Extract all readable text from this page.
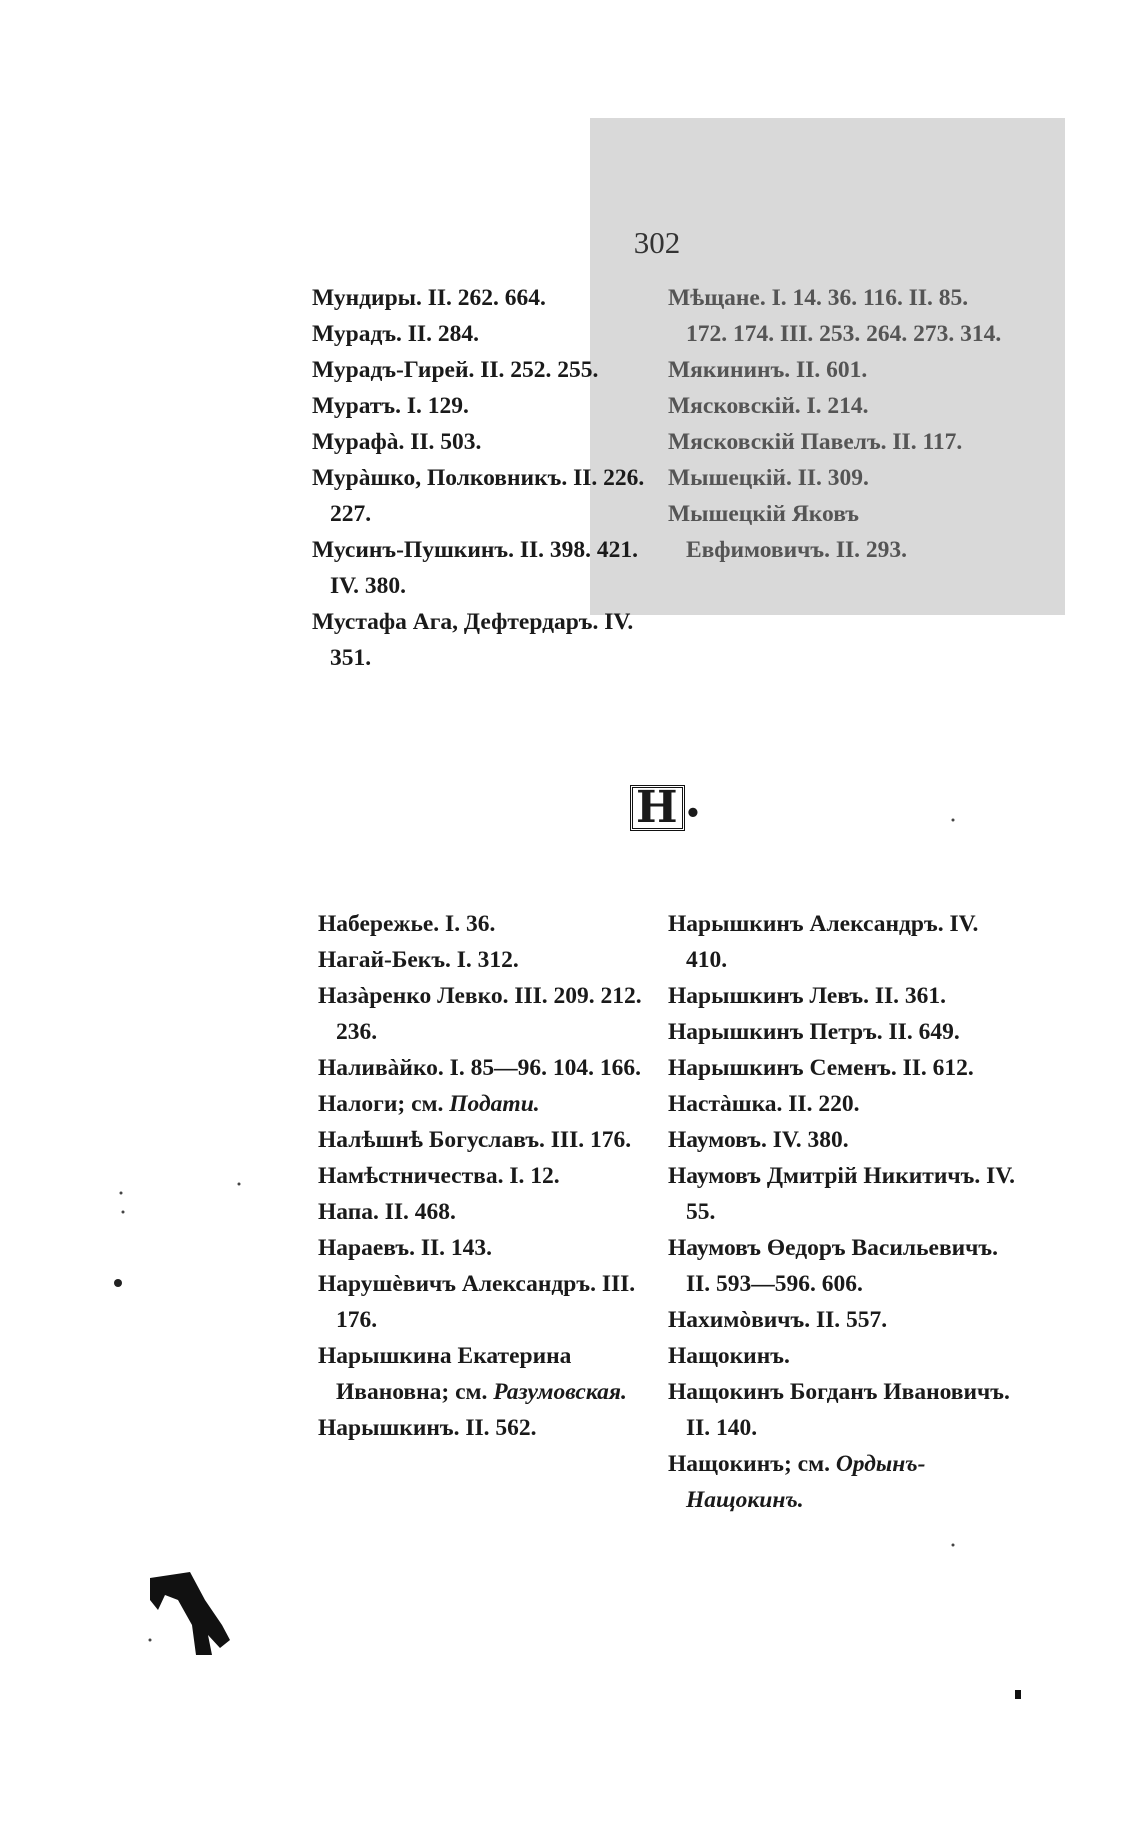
302
Мундиры. II. 262. 664.
Мурадъ. II. 284.
Мурадъ-Гирей. II. 252. 255.
Муратъ. I. 129.
Мурафà. II. 503.
Мурàшко, Полковникъ. II. 226. 227.
Мусинъ-Пушкинъ. II. 398. 421. IV. 380.
Мустафа Ага, Дефтердаръ. IV. 351.
Мѣщане. I. 14. 36. 116. II. 85. 172. 174. III. 253. 264. 273. 314.
Мякининъ. II. 601.
Мясковскій. I. 214.
Мясковскій Павелъ. II. 117.
Мышецкій. II. 309.
Мышецкій Яковъ Евфимовичъ. II. 293.
Н •
Набережье. I. 36.
Нагай-Бекъ. I. 312.
Назàренко Левко. III. 209. 212. 236.
Наливàйко. I. 85—96. 104. 166.
Налоги; см. Подати.
Налѣшнѣ Богуславъ. III. 176.
Намѣстничества. I. 12.
Напа. II. 468.
Нараевъ. II. 143.
Нарушèвичъ Александръ. III. 176.
Нарышкина Екатерина Ивановна; см. Разумовская.
Нарышкинъ. II. 562.
Нарышкинъ Александръ. IV. 410.
Нарышкинъ Левъ. II. 361.
Нарышкинъ Петръ. II. 649.
Нарышкинъ Семенъ. II. 612.
Настàшка. II. 220.
Наумовъ. IV. 380.
Наумовъ Дмитрій Никитичъ. IV. 55.
Наумовъ Өедоръ Васильевичъ. II. 593—596. 606.
Нахимòвичъ. II. 557.
Нащокинъ.
Нащокинъ Богданъ Ивановичъ. II. 140.
Нащокинъ; см. Ордынъ-Нащокинъ.
